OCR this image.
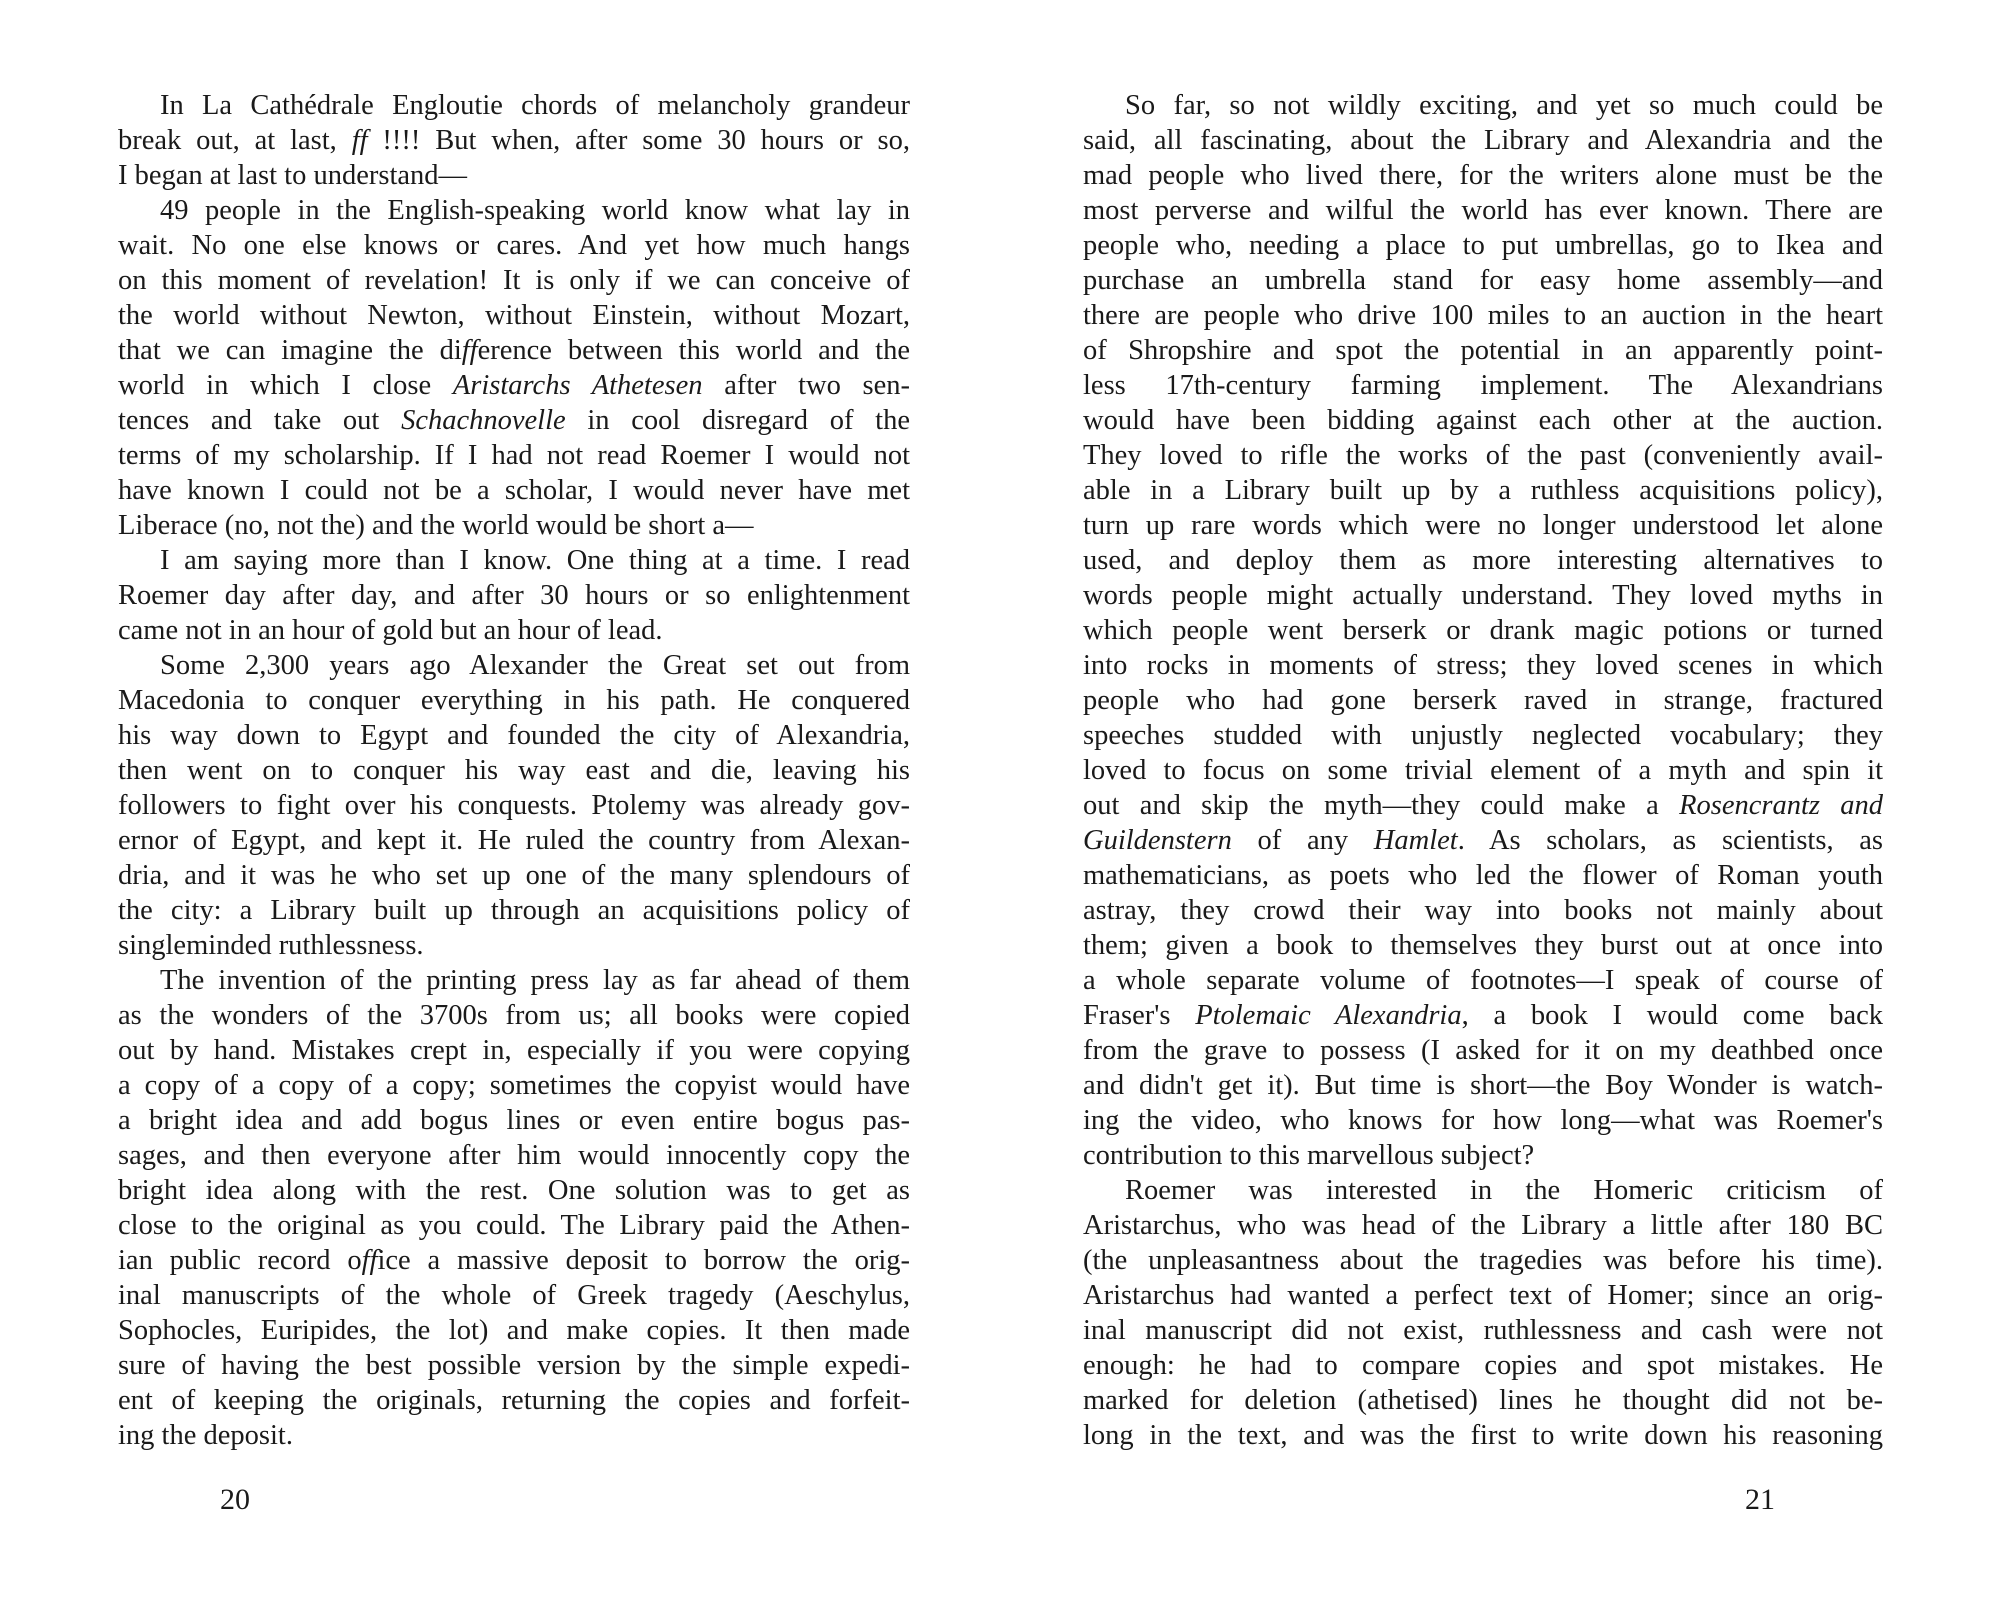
In La Cathédrale Engloutie chords of melancholy grandeur
break out, at last, ff !!!! But when, after some 30 hours or so,
I began at last to understand—
49 people in the English-speaking world know what lay in
wait. No one else knows or cares. And yet how much hangs
on this moment of revelation! It is only if we can conceive of
the world without Newton, without Einstein, without Mozart,
that we can imagine the difference between this world and the
world in which I close Aristarchs Athetesen after two sen-
tences and take out Schachnovelle in cool disregard of the
terms of my scholarship. If I had not read Roemer I would not
have known I could not be a scholar, I would never have met
Liberace (no, not the) and the world would be short a—
I am saying more than I know. One thing at a time. I read
Roemer day after day, and after 30 hours or so enlightenment
came not in an hour of gold but an hour of lead.
Some 2,300 years ago Alexander the Great set out from
Macedonia to conquer everything in his path. He conquered
his way down to Egypt and founded the city of Alexandria,
then went on to conquer his way east and die, leaving his
followers to fight over his conquests. Ptolemy was already gov-
ernor of Egypt, and kept it. He ruled the country from Alexan-
dria, and it was he who set up one of the many splendours of
the city: a Library built up through an acquisitions policy of
singleminded ruthlessness.
The invention of the printing press lay as far ahead of them
as the wonders of the 3700s from us; all books were copied
out by hand. Mistakes crept in, especially if you were copying
a copy of a copy of a copy; sometimes the copyist would have
a bright idea and add bogus lines or even entire bogus pas-
sages, and then everyone after him would innocently copy the
bright idea along with the rest. One solution was to get as
close to the original as you could. The Library paid the Athen-
ian public record office a massive deposit to borrow the orig-
inal manuscripts of the whole of Greek tragedy (Aeschylus,
Sophocles, Euripides, the lot) and make copies. It then made
sure of having the best possible version by the simple expedi-
ent of keeping the originals, returning the copies and forfeit-
ing the deposit.
So far, so not wildly exciting, and yet so much could be
said, all fascinating, about the Library and Alexandria and the
mad people who lived there, for the writers alone must be the
most perverse and wilful the world has ever known. There are
people who, needing a place to put umbrellas, go to Ikea and
purchase an umbrella stand for easy home assembly—and
there are people who drive 100 miles to an auction in the heart
of Shropshire and spot the potential in an apparently point-
less 17th-century farming implement. The Alexandrians
would have been bidding against each other at the auction.
They loved to rifle the works of the past (conveniently avail-
able in a Library built up by a ruthless acquisitions policy),
turn up rare words which were no longer understood let alone
used, and deploy them as more interesting alternatives to
words people might actually understand. They loved myths in
which people went berserk or drank magic potions or turned
into rocks in moments of stress; they loved scenes in which
people who had gone berserk raved in strange, fractured
speeches studded with unjustly neglected vocabulary; they
loved to focus on some trivial element of a myth and spin it
out and skip the myth—they could make a Rosencrantz and
Guildenstern of any Hamlet. As scholars, as scientists, as
mathematicians, as poets who led the flower of Roman youth
astray, they crowd their way into books not mainly about
them; given a book to themselves they burst out at once into
a whole separate volume of footnotes—I speak of course of
Fraser's Ptolemaic Alexandria, a book I would come back
from the grave to possess (I asked for it on my deathbed once
and didn't get it). But time is short—the Boy Wonder is watch-
ing the video, who knows for how long—what was Roemer's
contribution to this marvellous subject?
Roemer was interested in the Homeric criticism of
Aristarchus, who was head of the Library a little after 180 BC
(the unpleasantness about the tragedies was before his time).
Aristarchus had wanted a perfect text of Homer; since an orig-
inal manuscript did not exist, ruthlessness and cash were not
enough: he had to compare copies and spot mistakes. He
marked for deletion (athetised) lines he thought did not be-
long in the text, and was the first to write down his reasoning
20	21
